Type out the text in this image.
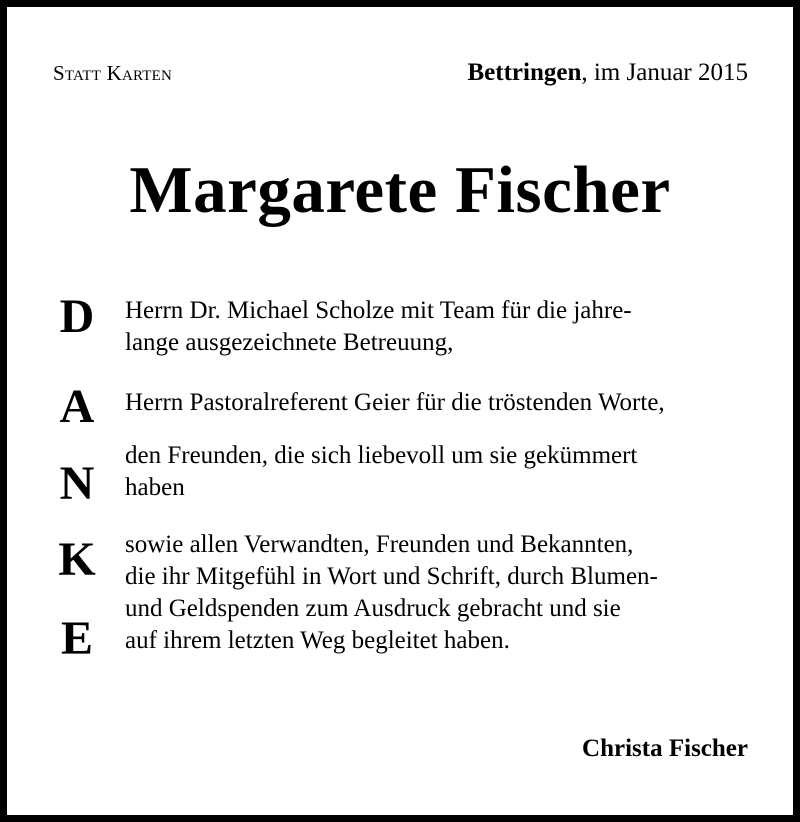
Statt Karten	Bettringen, im Januar 2015
Margarete Fischer
D
A
N
K
E
Herrn Dr. Michael Scholze mit Team für die jahre-
lange ausgezeichnete Betreuung,
Herrn Pastoralreferent Geier für die tröstenden Worte,
den Freunden, die sich liebevoll um sie gekümmert
haben
sowie allen Verwandten, Freunden und Bekannten,
die ihr Mitgefühl in Wort und Schrift, durch Blumen-
und Geldspenden zum Ausdruck gebracht und sie
auf ihrem letzten Weg begleitet haben.
Christa Fischer
